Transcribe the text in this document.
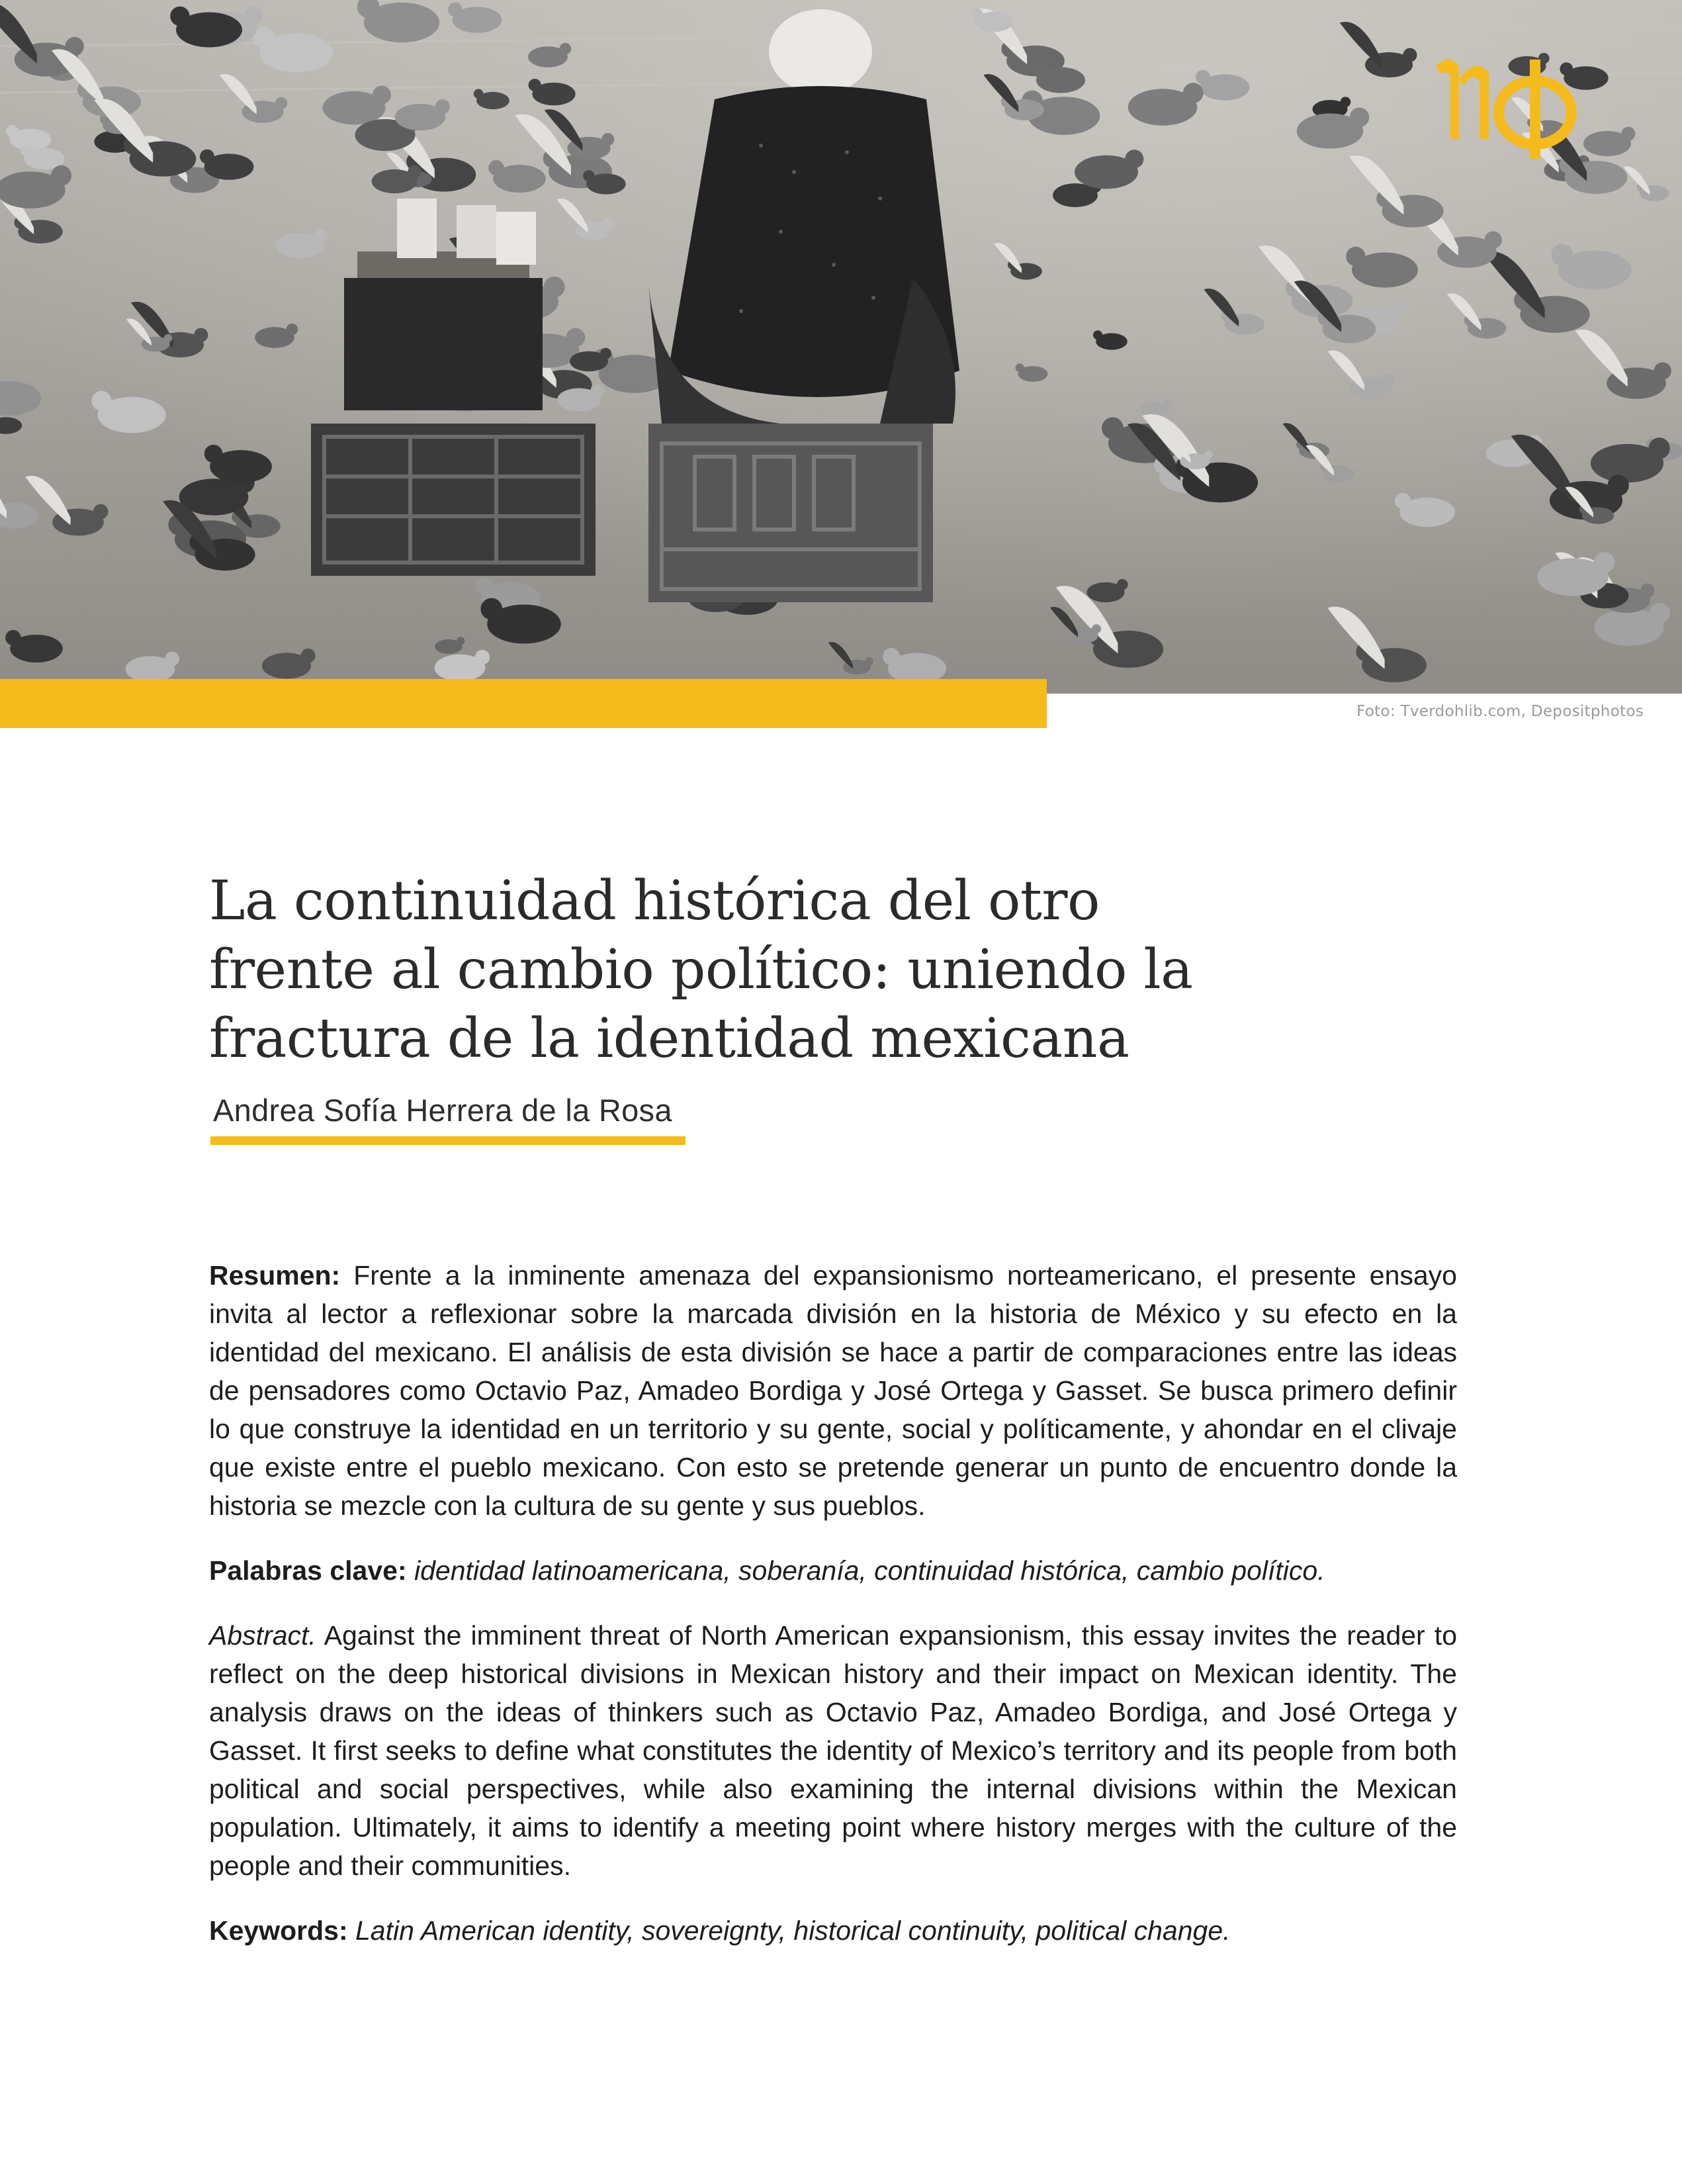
Foto: Tverdohlib.com, Depositphotos
La continuidad histórica del otro
frente al cambio político: uniendo la
fractura de la identidad mexicana
Andrea Sofía Herrera de la Rosa

Resumen: Frente a la inminente amenaza del expansionismo norteamericano, el presente ensayo invita al lector a reflexionar sobre la marcada división en la historia de México y su efecto en la identidad del mexicano. El análisis de esta división se hace a partir de comparaciones entre las ideas de pensadores como Octavio Paz, Amadeo Bordiga y José Ortega y Gasset. Se busca primero definir lo que construye la identidad en un territorio y su gente, social y políticamente, y ahondar en el clivaje que existe entre el pueblo mexicano. Con esto se pretende generar un punto de encuentro donde la historia se mezcle con la cultura de su gente y sus pueblos.

Palabras clave: identidad latinoamericana, soberanía, continuidad histórica, cambio político.

Abstract. Against the imminent threat of North American expansionism, this essay invites the reader to reflect on the deep historical divisions in Mexican history and their impact on Mexican identity. The analysis draws on the ideas of thinkers such as Octavio Paz, Amadeo Bordiga, and José Ortega y Gasset. It first seeks to define what constitutes the identity of Mexico’s territory and its people from both political and social perspectives, while also examining the internal divisions within the Mexican population. Ultimately, it aims to identify a meeting point where history merges with the culture of the people and their communities.

Keywords: Latin American identity, sovereignty, historical continuity, political change.
